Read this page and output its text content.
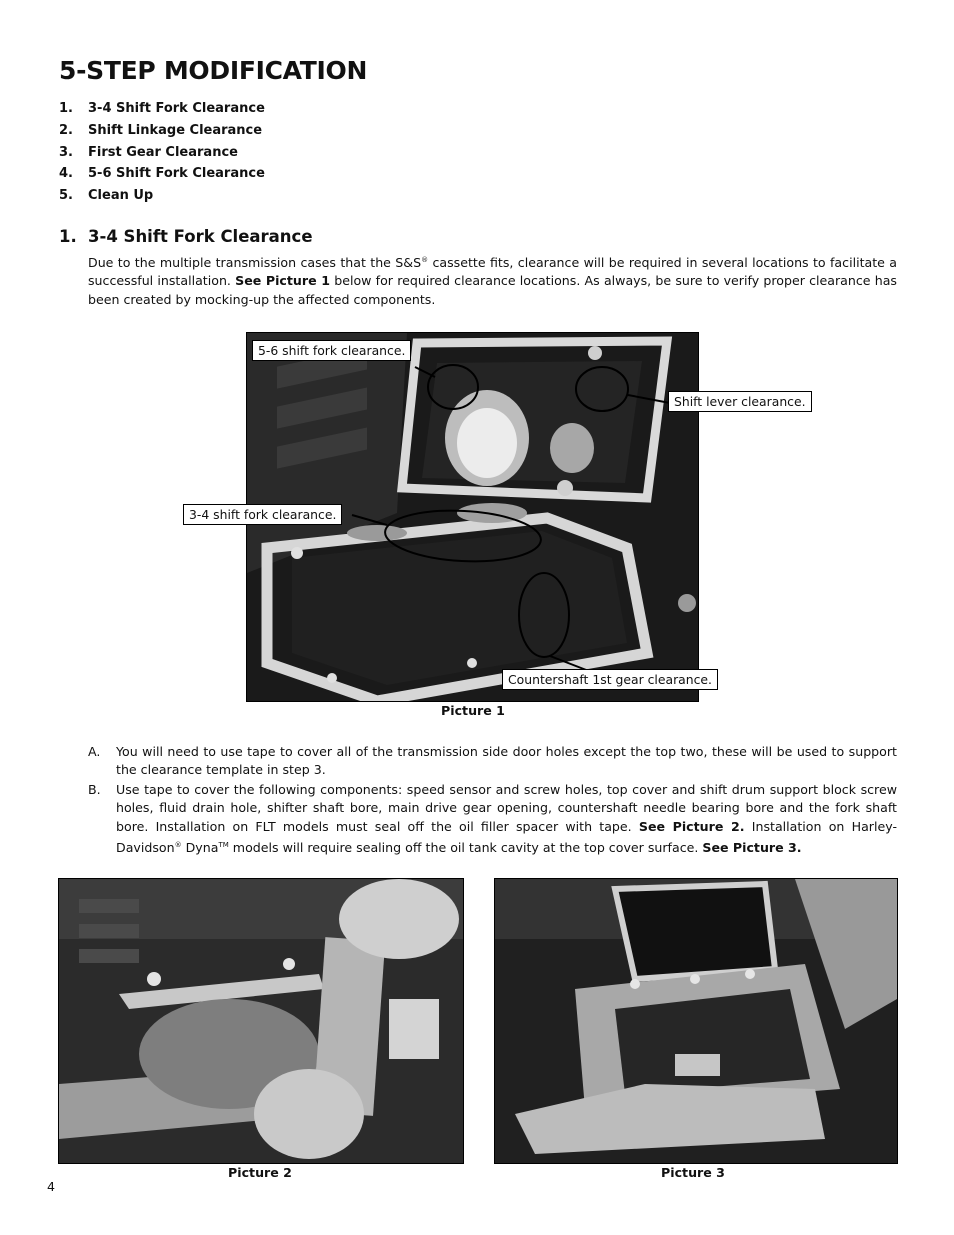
5-STEP MODIFICATION
1.	3-4 Shift Fork Clearance
2.	Shift Linkage Clearance
3.	First Gear Clearance
4.	5-6 Shift Fork Clearance
5.	Clean Up
1. 3-4 Shift Fork Clearance

Due to the multiple transmission cases that the S&S® cassette fits, clearance will be required in several locations to facilitate a successful installation. See Picture 1 below for required clearance locations. As always, be sure to verify proper clearance has been created by mocking-up the affected components.

5-6 shift fork clearance.
Shift lever clearance.
3-4 shift fork clearance.
Countershaft 1st gear clearance.
Picture 1
A. You will need to use tape to cover all of the transmission side door holes except the top two, these will be used to support the clearance template in step 3.
B. Use tape to cover the following components: speed sensor and screw holes, top cover and shift drum support block screw holes, fluid drain hole, shifter shaft bore, main drive gear opening, countershaft needle bearing bore and the fork shaft bore. Installation on FLT models must seal off the oil filler spacer with tape. See Picture 2. Installation on Harley-Davidson® Dyna™ models will require sealing off the oil tank cavity at the top cover surface. See Picture 3.
Picture 2	Picture 3
4
